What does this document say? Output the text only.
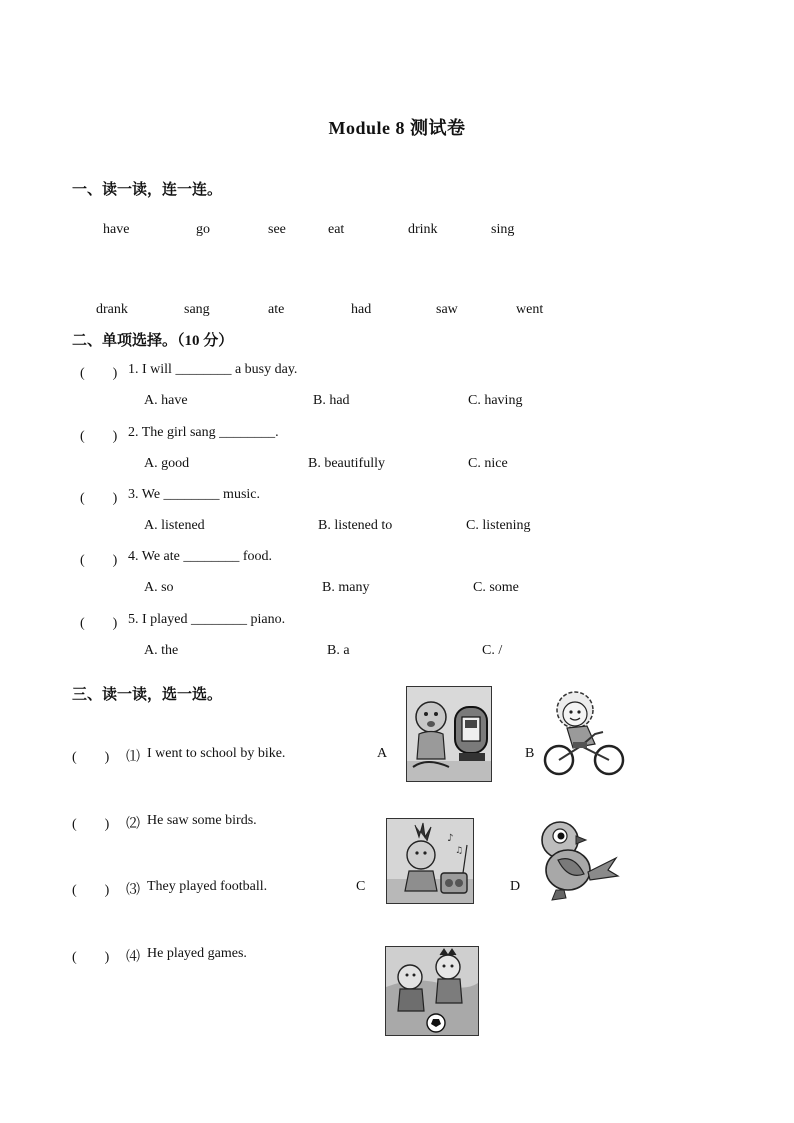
Module 8 测试卷
一、读一读，连一连。
have	go	see	eat	drink	sing
drank	sang	ate	had	saw	went
二、单项选择。（10 分）
(　　) 1. I will ________ a busy day.
A. have	B. had	C. having
(　　) 2. The girl sang ________.
A. good	B. beautifully	C. nice
(　　) 3. We ________ music.
A. listened	B. listened to	C. listening
(　　) 4. We ate ________ food.
A. so	B. many	C. some
(　　) 5. I played ________ piano.
A. the	B. a	C. /
三、读一读，选一选。
(　　) ⑴ I went to school by bike.
(　　) ⑵ He saw some birds.
(　　) ⑶ They played football.
(　　) ⑷ He played games.
A	B
C	D
♪
♫
